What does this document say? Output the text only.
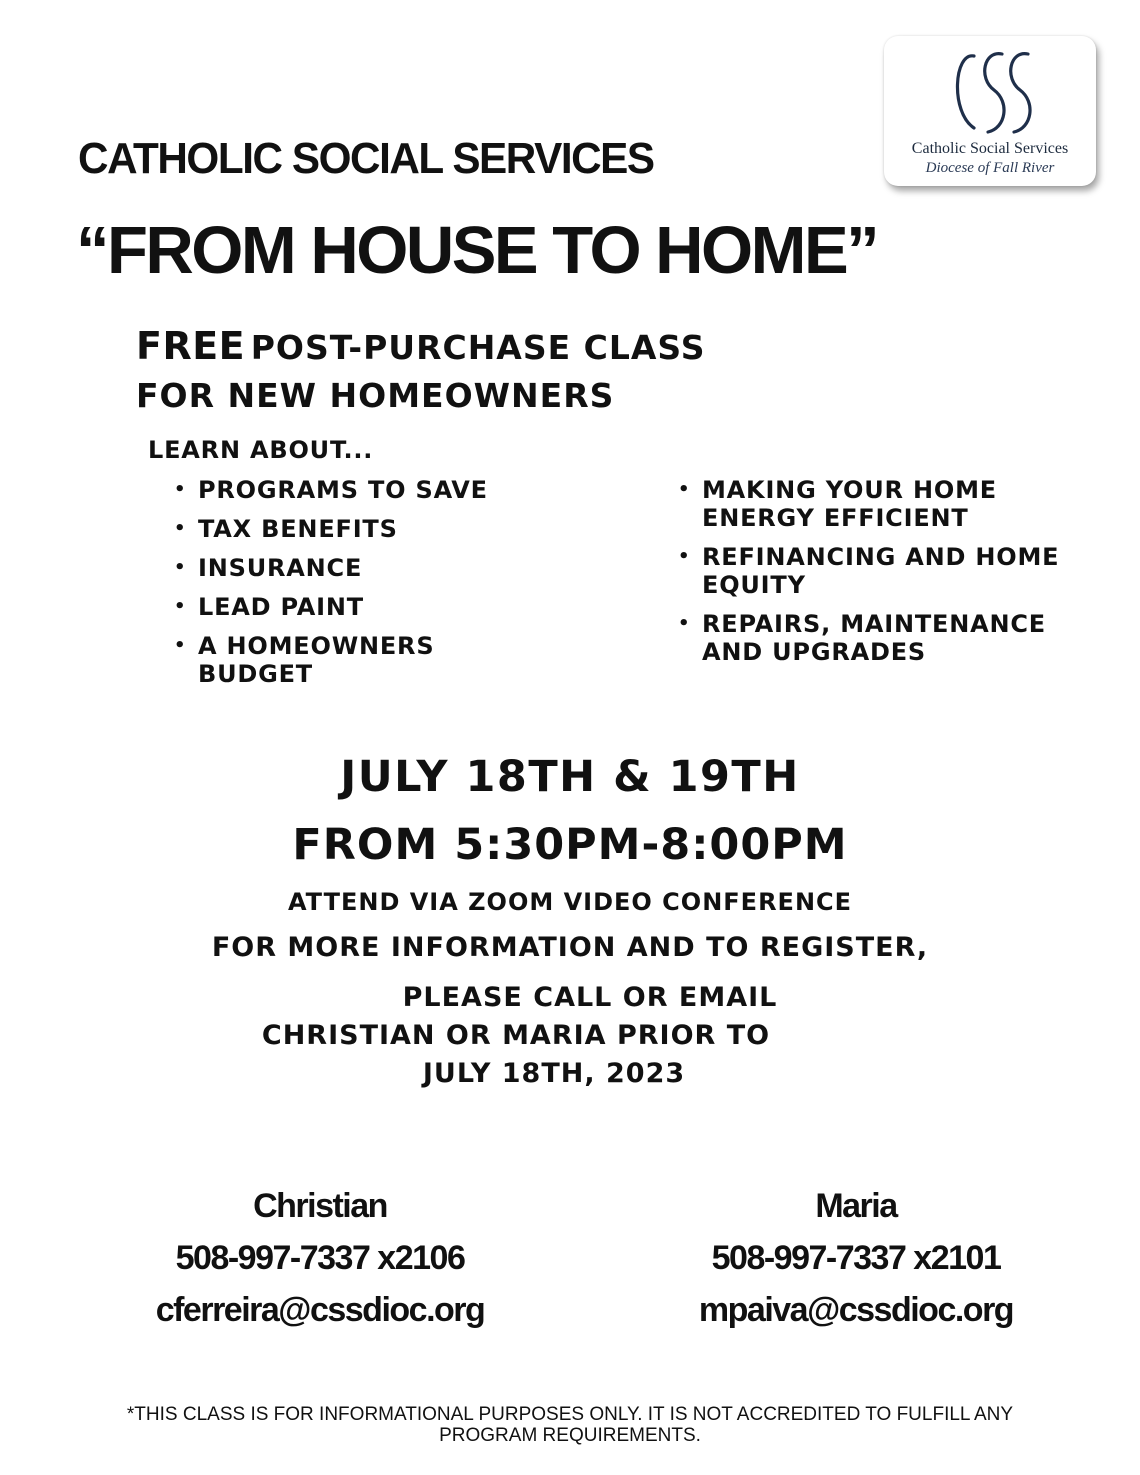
Catholic Social Services
Diocese of Fall River
CATHOLIC SOCIAL SERVICES
“FROM HOUSE TO HOME”
FREE POST-PURCHASE CLASS
FOR NEW HOMEOWNERS
LEARN ABOUT...
• PROGRAMS TO SAVE
• TAX BENEFITS
• INSURANCE
• LEAD PAINT
• A HOMEOWNERS BUDGET
• MAKING YOUR HOME ENERGY EFFICIENT
• REFINANCING AND HOME EQUITY
• REPAIRS, MAINTENANCE AND UPGRADES
JULY 18TH & 19TH
FROM 5:30PM-8:00PM
ATTEND VIA ZOOM VIDEO CONFERENCE
FOR MORE INFORMATION AND TO REGISTER,
PLEASE CALL OR EMAIL
CHRISTIAN OR MARIA PRIOR TO
JULY 18TH, 2023
Christian
508-997-7337 x2106
cferreira@cssdioc.org
Maria
508-997-7337 x2101
mpaiva@cssdioc.org
*THIS CLASS IS FOR INFORMATIONAL PURPOSES ONLY. IT IS NOT ACCREDITED TO FULFILL ANY
PROGRAM REQUIREMENTS.
